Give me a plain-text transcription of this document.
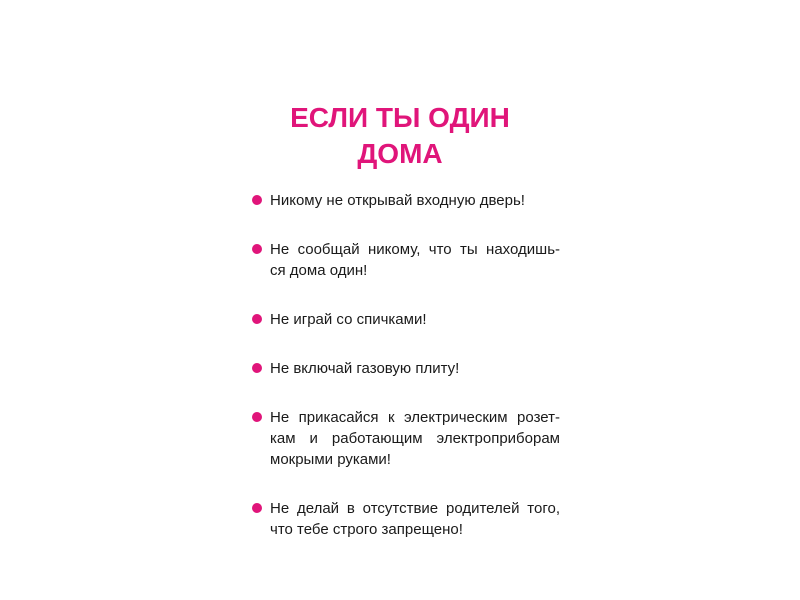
ЕСЛИ ТЫ ОДИН
ДОМА
Никому не открывай входную дверь!
Не сообщай никому, что ты находишь-
ся дома один!
Не играй со спичками!
Не включай газовую плиту!
Не прикасайся к электрическим розет-
кам и работающим электроприборам
мокрыми руками!
Не делай в отсутствие родителей того,
что тебе строго запрещено!
